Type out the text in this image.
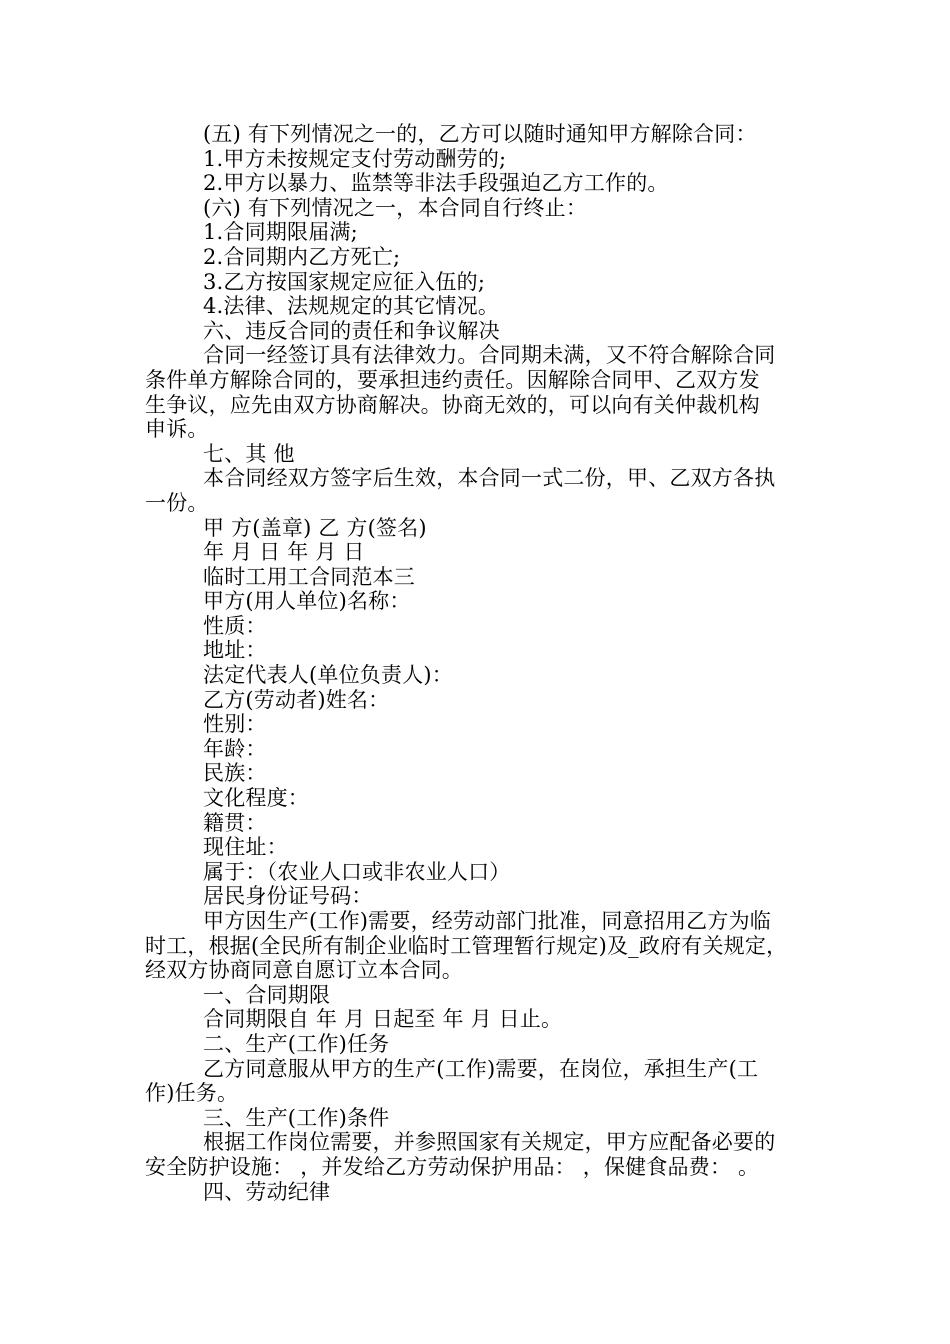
(五) 有下列情况之一的，乙方可以随时通知甲方解除合同：
1.甲方未按规定支付劳动酬劳的;
2.甲方以暴力、监禁等非法手段强迫乙方工作的。
(六) 有下列情况之一，本合同自行终止：
1.合同期限届满;
2.合同期内乙方死亡;
3.乙方按国家规定应征入伍的;
4.法律、法规规定的其它情况。
六、违反合同的责任和争议解决
合同一经签订具有法律效力。合同期未满，又不符合解除合同
条件单方解除合同的，要承担违约责任。因解除合同甲、乙双方发
生争议，应先由双方协商解决。协商无效的，可以向有关仲裁机构
申诉。
七、其 他
本合同经双方签字后生效，本合同一式二份，甲、乙双方各执
一份。
甲 方(盖章) 乙 方(签名)
年 月 日 年 月 日
临时工用工合同范本三
甲方(用人单位)名称：
性质：
地址：
法定代表人(单位负责人)：
乙方(劳动者)姓名：
性别：
年龄：
民族：
文化程度：
籍贯：
现住址：
属于：（农业人口或非农业人口）
居民身份证号码：
甲方因生产(工作)需要，经劳动部门批准，同意招用乙方为临
时工，根据(全民所有制企业临时工管理暂行规定)及_政府有关规定，
经双方协商同意自愿订立本合同。
一、合同期限
合同期限自 年 月 日起至 年 月 日止。
二、生产(工作)任务
乙方同意服从甲方的生产(工作)需要，在岗位，承担生产(工
作)任务。
三、生产(工作)条件
根据工作岗位需要，并参照国家有关规定，甲方应配备必要的
安全防护设施： ，并发给乙方劳动保护用品： ，保健食品费： 。
四、劳动纪律
